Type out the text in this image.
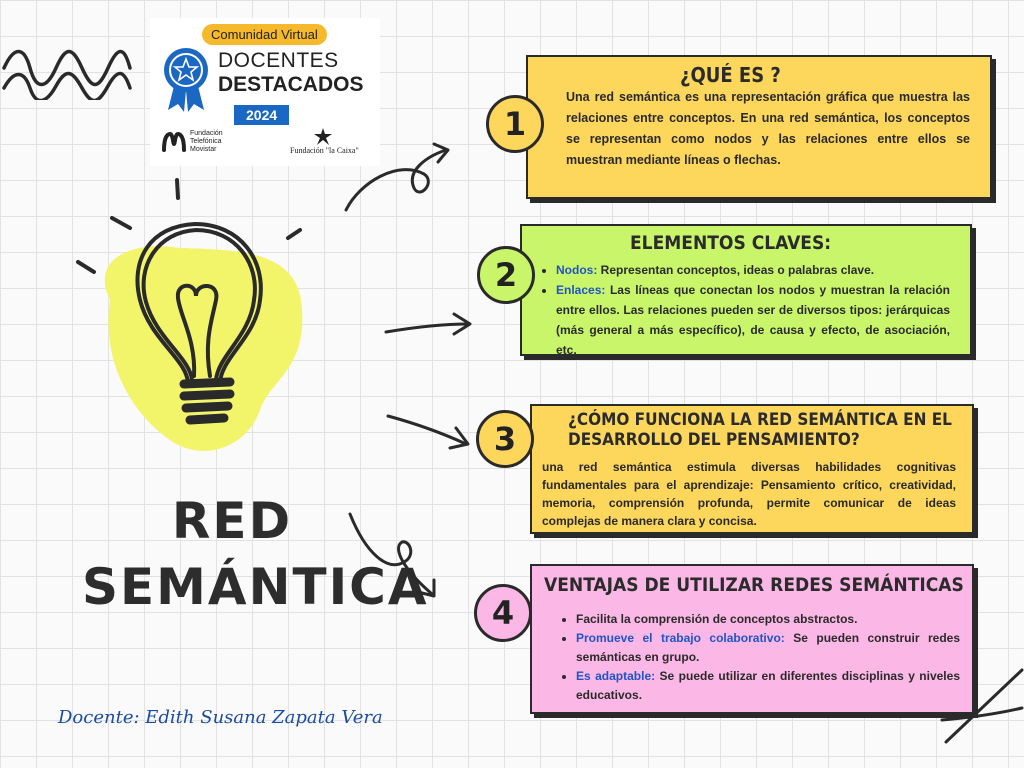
Comunidad Virtual
DOCENTES
DESTACADOS
2024
Fundación
Telefónica
Movistar	Fundación "la Caixa"
RED
SEMÁNTICA
¿QUÉ ES ?
Una red semántica es una representación gráfica que muestra las relaciones entre conceptos. En una red semántica, los conceptos se representan como nodos y las relaciones entre ellos se muestran mediante líneas o flechas.
1
ELEMENTOS CLAVES:
• Nodos: Representan conceptos, ideas o palabras clave.
• Enlaces: Las líneas que conectan los nodos y muestran la relación entre ellos. Las relaciones pueden ser de diversos tipos: jerárquicas (más general a más específico), de causa y efecto, de asociación, etc.
2
¿CÓMO FUNCIONA LA RED SEMÁNTICA EN EL DESARROLLO DEL PENSAMIENTO?
una red semántica estimula diversas habilidades cognitivas fundamentales para el aprendizaje: Pensamiento crítico, creatividad, memoria, comprensión profunda, permite comunicar de ideas complejas de manera clara y concisa.
3
VENTAJAS DE UTILIZAR REDES SEMÁNTICAS
• Facilita la comprensión de conceptos abstractos.
• Promueve el trabajo colaborativo: Se pueden construir redes semánticas en grupo.
• Es adaptable: Se puede utilizar en diferentes disciplinas y niveles educativos.
4
Docente: Edith Susana Zapata Vera
